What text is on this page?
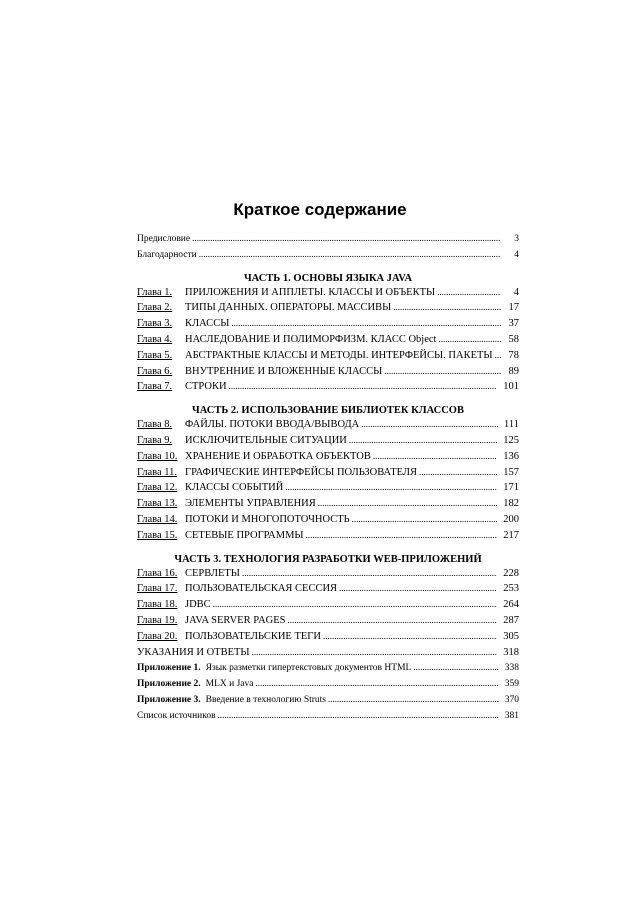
Краткое содержание
Предисловие .....	3
Благодарности .....	4
ЧАСТЬ 1. ОСНОВЫ ЯЗЫКА JAVA
Глава 1.	ПРИЛОЖЕНИЯ И АППЛЕТЫ. КЛАССЫ И ОБЪЕКТЫ .....	4
Глава 2.	ТИПЫ ДАННЫХ. ОПЕРАТОРЫ. МАССИВЫ .....	17
Глава 3.	КЛАССЫ .....	37
Глава 4.	НАСЛЕДОВАНИЕ И ПОЛИМОРФИЗМ. КЛАСС Object .....	58
Глава 5.	АБСТРАКТНЫЕ КЛАССЫ И МЕТОДЫ. ИНТЕРФЕЙСЫ. ПАКЕТЫ .....	78
Глава 6.	ВНУТРЕННИЕ И ВЛОЖЕННЫЕ КЛАССЫ .....	89
Глава 7.	СТРОКИ .....	101
ЧАСТЬ 2. ИСПОЛЬЗОВАНИЕ БИБЛИОТЕК КЛАССОВ
Глава 8.	ФАЙЛЫ. ПОТОКИ ВВОДА/ВЫВОДА .....	111
Глава 9.	ИСКЛЮЧИТЕЛЬНЫЕ СИТУАЦИИ .....	125
Глава 10. ХРАНЕНИЕ И ОБРАБОТКА ОБЪЕКТОВ .....	136
Глава 11. ГРАФИЧЕСКИЕ ИНТЕРФЕЙСЫ ПОЛЬЗОВАТЕЛЯ .....	157
Глава 12. КЛАССЫ СОБЫТИЙ .....	171
Глава 13. ЭЛЕМЕНТЫ УПРАВЛЕНИЯ .....	182
Глава 14. ПОТОКИ И МНОГОПОТОЧНОСТЬ .....	200
Глава 15. СЕТЕВЫЕ ПРОГРАММЫ .....	217
ЧАСТЬ 3. ТЕХНОЛОГИЯ РАЗРАБОТКИ WEB-ПРИЛОЖЕНИЙ
Глава 16. СЕРВЛЕТЫ .....	228
Глава 17. ПОЛЬЗОВАТЕЛЬСКАЯ СЕССИЯ .....	253
Глава 18. JDBC .....	264
Глава 19. JAVA SERVER PAGES .....	287
Глава 20. ПОЛЬЗОВАТЕЛЬСКИЕ ТЕГИ .....	305
УКАЗАНИЯ И ОТВЕТЫ .....	318
Приложение 1. Язык разметки гипертекстовых документов HTML .....	338
Приложение 2. MLX и Java .....	359
Приложение 3. Введение в технологию Struts .....	370
Список источников .....	381
